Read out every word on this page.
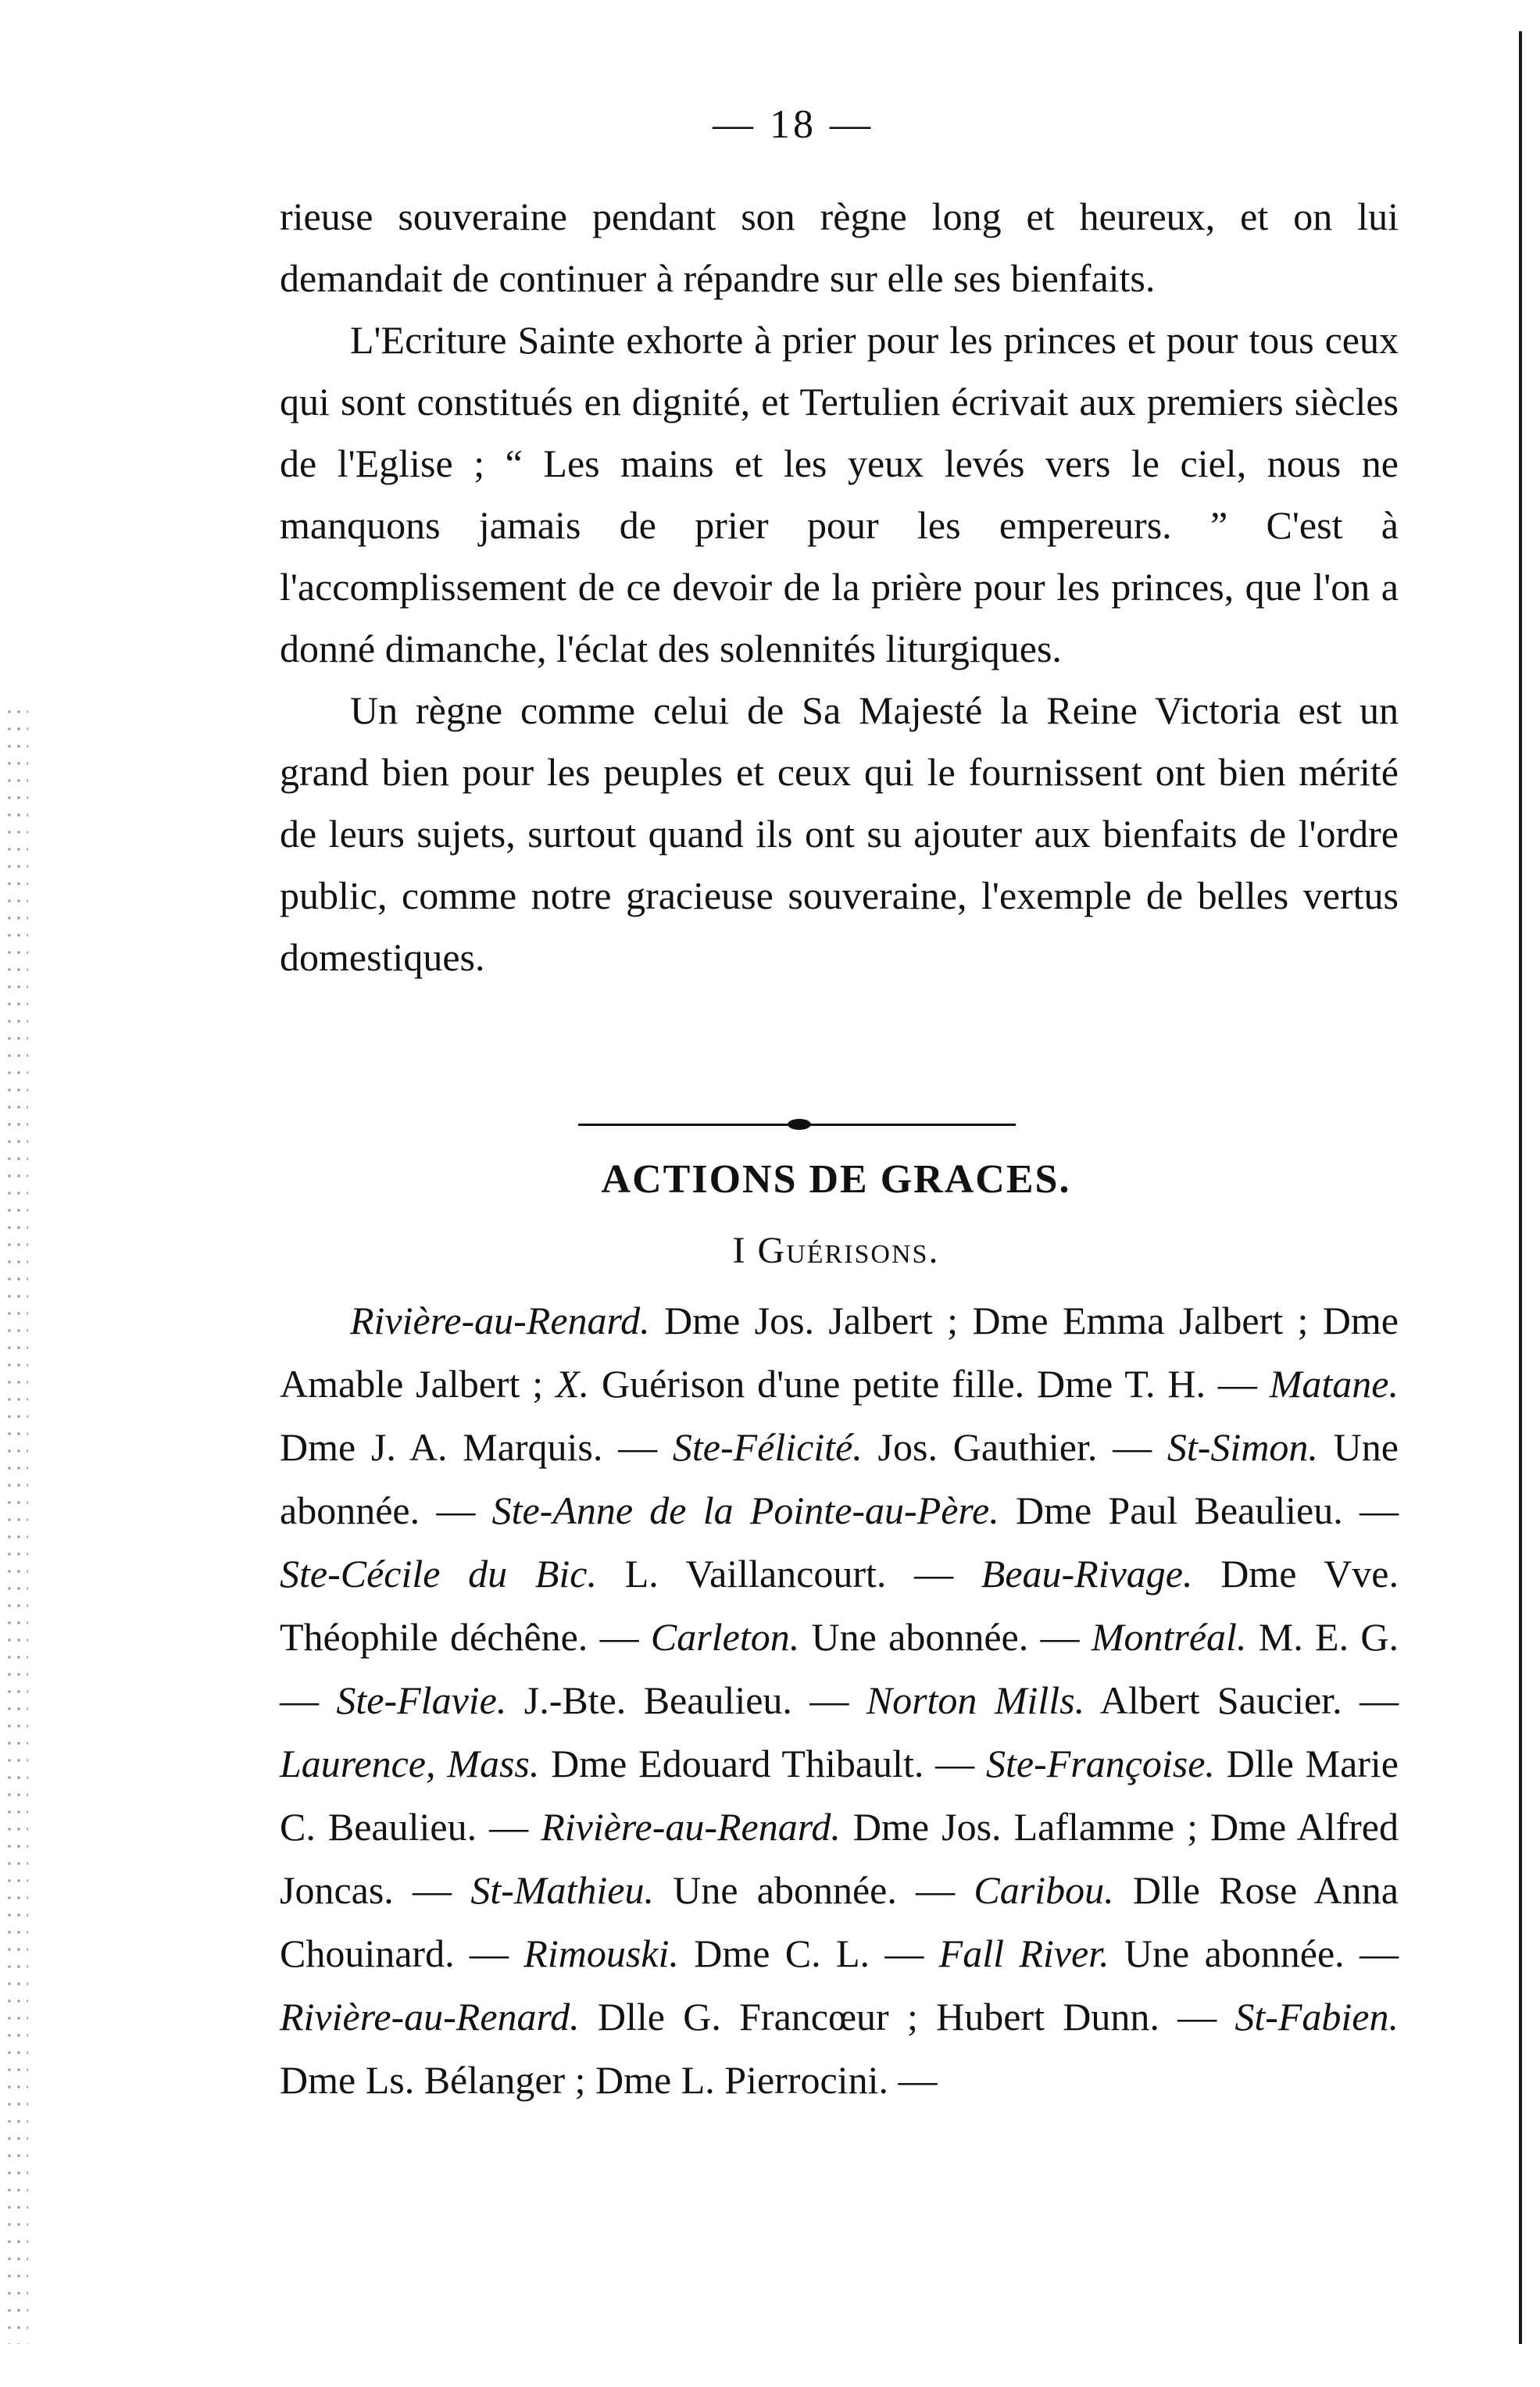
— 18 —

rieuse souveraine pendant son règne long et heureux, et on lui demandait de continuer à répandre sur elle ses bienfaits.

L'Ecriture Sainte exhorte à prier pour les princes et pour tous ceux qui sont constitués en dignité, et Tertulien écrivait aux premiers siècles de l'Eglise ; “ Les mains et les yeux levés vers le ciel, nous ne manquons jamais de prier pour les empereurs. ” C'est à l'accomplissement de ce devoir de la prière pour les princes, que l'on a donné dimanche, l'éclat des solennités liturgiques.

Un règne comme celui de Sa Majesté la Reine Victoria est un grand bien pour les peuples et ceux qui le fournissent ont bien mérité de leurs sujets, surtout quand ils ont su ajouter aux bienfaits de l'ordre public, comme notre gracieuse souveraine, l'exemple de belles vertus domestiques.

ACTIONS DE GRACES.
I Guérisons.

Rivière-au-Renard. Dme Jos. Jalbert ; Dme Emma Jalbert ; Dme Amable Jalbert ; X. Guérison d'une petite fille. Dme T. H. — Matane. Dme J. A. Marquis. — Ste-Félicité. Jos. Gauthier. — St-Simon. Une abonnée. — Ste-Anne de la Pointe-au-Père. Dme Paul Beaulieu. — Ste-Cécile du Bic. L. Vaillancourt. — Beau-Rivage. Dme Vve. Théophile déchêne. — Carleton. Une abonnée. — Montréal. M. E. G. — Ste-Flavie. J.-Bte. Beaulieu. — Norton Mills. Albert Saucier. — Laurence, Mass. Dme Edouard Thibault. — Ste-Françoise. Dlle Marie C. Beaulieu. — Rivière-au-Renard. Dme Jos. Laflamme ; Dme Alfred Joncas. — St-Mathieu. Une abonnée. — Caribou. Dlle Rose Anna Chouinard. — Rimouski. Dme C. L. — Fall River. Une abonnée. — Rivière-au-Renard. Dlle G. Francœur ; Hubert Dunn. — St-Fabien. Dme Ls. Bélanger ; Dme L. Pierrocini. —
